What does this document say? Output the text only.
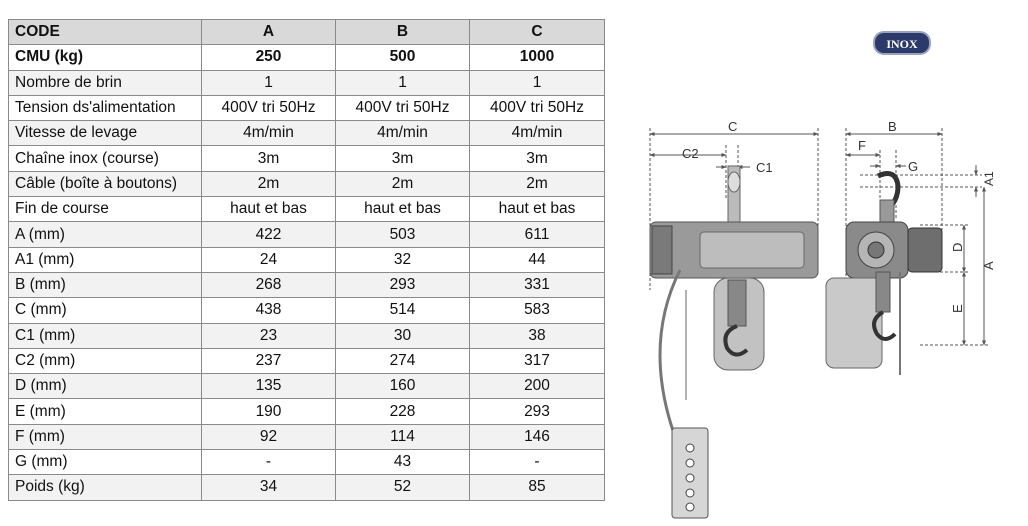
CODE	A	B	C
CMU (kg)	250	500	1000
Nombre de brin	1	1	1
Tension ds'alimentation	400V tri 50Hz	400V tri 50Hz	400V tri 50Hz
Vitesse de levage	4m/min	4m/min	4m/min
Chaîne inox (course)	3m	3m	3m
Câble (boîte à boutons)	2m	2m	2m
Fin de course	haut et bas	haut et bas	haut et bas
A (mm)	422	503	611
A1 (mm)	24	32	44
B (mm)	268	293	331
C (mm)	438	514	583
C1 (mm)	23	30	38
C2 (mm)	237	274	317
D (mm)	135	160	200
E (mm)	190	228	293
F (mm)	92	114	146
G (mm)	-	43	-
Poids (kg)	34	52	85
INOX
C
C2
C1
B
F
G
A1
D
A
E
